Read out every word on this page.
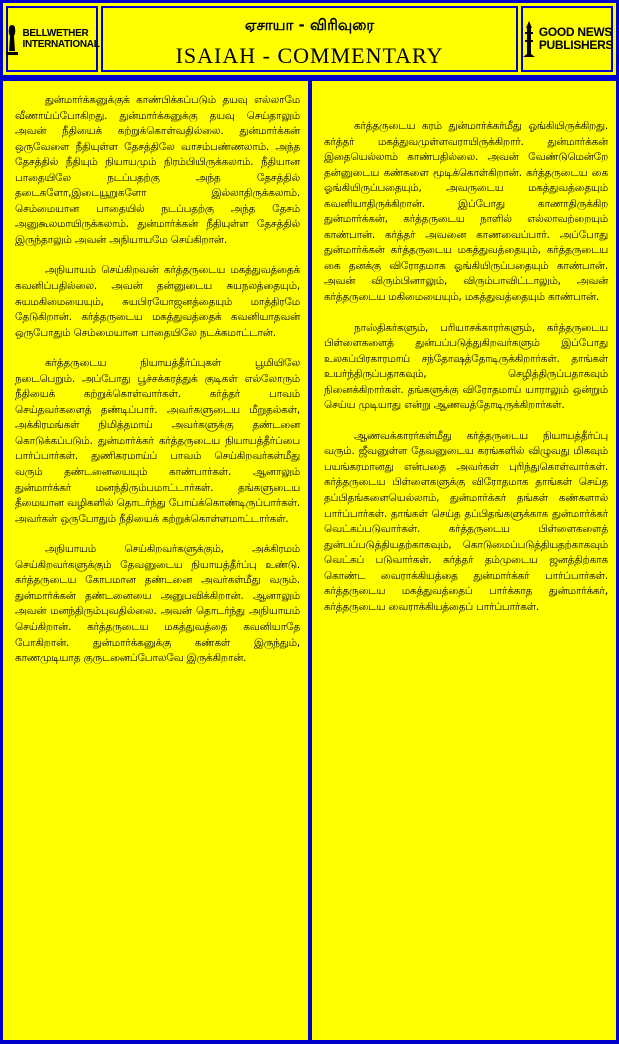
BELLWETHER
INTERNATIONAL
ஏசாயா - விரிவுரை
ISAIAH - COMMENTARY
GOOD NEWS
PUBLISHERS

துன்மார்க்கனுக்குக் காண்பிக்கப்படும் தயவு எல்லாமே வீணாய்ப்போகிறது. துன்மார்க்கனுக்கு தயவு செய்தாலும் அவன் நீதியைக் கற்றுக்கொள்வதில்லை. துன்மார்க்கன் ஒருவேளை நீதியுள்ள தேசத்திலே வாசம்பண்ணலாம். அந்த தேசத்தில் நீதியும் நியாயமும் நிரம்பியிருக்கலாம். நீதியான பாதையிலே நடப்பதற்கு அந்த தேசத்தில் தடைகளோ,இடையூறுகளோ இல்லாதிருக்கலாம். செம்மையான பாதையில் நடப்பதற்கு அந்த தேசம் அனுகூலமாயிருக்கலாம். துன்மார்க்கன் நீதியுள்ள தேசத்தில் இருந்தாலும் அவன் அநியாயமே செய்கிறான்.

அநியாயம் செய்கிறவன் கர்த்தருடைய மகத்துவத்தைக் கவனிப்பதில்லை. அவன் தன்னுடைய சுயநலத்தையும், சுயமகிமையையும், சுயபிரயோஜனத்தையும் மாத்திரமே தேடுகிறான். கர்த்தருடைய மகத்துவத்தைக் கவனியாதவன் ஒருபோதும் செம்மையான பாதையிலே நடக்கமாட்டான்.

கர்த்தருடைய நியாயத்தீர்ப்புகள் பூமியிலே நடைபெறும். அப்போது பூச்சக்கரத்துக் குடிகள் எல்லோரும் நீதியைக் கற்றுக்கொள்வார்கள். கர்த்தர் பாவம் செய்தவர்களைத் தண்டிப்பார். அவர்களுடைய மீறுதல்கள், அக்கிரமங்கள் நிமித்தமாய் அவர்களுக்கு தண்டனை கொடுக்கப்படும். துன்மார்க்கர் கர்த்தருடைய நியாயத்தீர்ப்பை பார்ப்பார்கள். துணிகரமாய்ப் பாவம் செய்கிறவர்கள்மீது வரும் தண்டனையையும் காண்பார்கள். ஆனாலும் துன்மார்க்கர் மனந்திரும்பமாட்டார்கள். தங்களுடைய தீமையான வழிகளில் தொடர்ந்து போய்க்கொண்டிருப்பார்கள். அவர்கள் ஒருபோதும் நீதியைக் கற்றுக்கொள்ளமாட்டார்கள்.

அநியாயம் செய்கிறவர்களுக்கும், அக்கிரமம் செய்கிறவர்களுக்கும் தேவனுடைய நியாயத்தீர்ப்பு உண்டு. கர்த்தருடைய கோபமான தண்டனை அவர்கள்மீது வரும். துன்மார்க்கன் தண்டனையை அனுபவிக்கிறான். ஆனாலும் அவன் மனந்திரும்புவதில்லை. அவன் தொடர்ந்து அநியாயம் செய்கிறான். கர்த்தருடைய மகத்துவத்தை கவனியாதே போகிறான். துன்மார்க்கனுக்கு கண்கள் இருந்தும், காணமுடியாத குருடனைப்போலவே இருக்கிறான்.

கர்த்தருடைய கரம் துன்மார்க்கர்மீது ஓங்கியிருக்கிறது. கர்த்தர் மகத்துவமுள்ளவராயிருக்கிறார். துன்மார்க்கன் இதையெல்லாம் காண்பதில்லை. அவன் வேண்டுமென்றே தன்னுடைய கண்களை மூடிக்கொள்கிறான். கர்த்தருடைய கை ஓங்கியிருப்பதையும், அவருடைய மகத்துவத்தையும் கவனியாதிருக்கிறான். இப்போது காணாதிருக்கிற துன்மார்க்கன், கர்த்தருடைய நாளில் எல்லாவற்றையும் காண்பான். கர்த்தர் அவனை காணவைப்பார். அப்போது துன்மார்க்கன் கர்த்தருடைய மகத்துவத்தையும், கர்த்தருடைய கை தனக்கு விரோதமாக ஓங்கியிருப்பதையும் காண்பான். அவன் விரும்பினாலும், விரும்பாவிட்டாலும், அவன் கர்த்தருடைய மகிமையையும், மகத்துவத்தையும் காண்பான்.

நாஸ்திகர்களும், பரியாசக்காரர்களும், கர்த்தருடைய பிள்ளைகளைத் துன்பப்படுத்துகிறவர்களும் இப்போது உலகப்பிரகாரமாய் சந்தோஷத்தோடிருக்கிறார்கள். தாங்கள் உயர்ந்திருப்பதாகவும், செழித்திருப்பதாகவும் நினைக்கிறார்கள். தங்களுக்கு விரோதமாய் யாராலும் ஒன்றும் செய்ய முடியாது என்று ஆணவத்தோடிருக்கிறார்கள்.

ஆணவக்காரர்கள்மீது கர்த்தருடைய நியாயத்தீர்ப்பு வரும். ஜீவனுள்ள தேவனுடைய கரங்களில் விழுவது மிகவும் பயங்கரமானது என்பதை அவர்கள் புரிந்துகொள்வார்கள். கர்த்தருடைய பிள்ளைகளுக்கு விரோதமாக தாங்கள் செய்த தப்பிதங்களையெல்லாம், துன்மார்க்கர் தங்கள் கண்களால் பார்ப்பார்கள். தாங்கள் செய்த தப்பிதங்களுக்காக துன்மார்க்கர் வெட்கப்படுவார்கள். கர்த்தருடைய பிள்ளைகளைத் துன்பப்படுத்தியதற்காகவும், கொடுமைப்படுத்தியதற்காகவும் வெட்கப் படுவார்கள். கர்த்தர் தம்முடைய ஜனத்திற்காக கொண்ட வைராக்கியத்தை துன்மார்க்கர் பார்ப்பார்கள். கர்த்தருடைய மகத்துவத்தைப் பார்க்காத துன்மார்க்கர், கர்த்தருடைய வைராக்கியத்தைப் பார்ப்பார்கள்.
